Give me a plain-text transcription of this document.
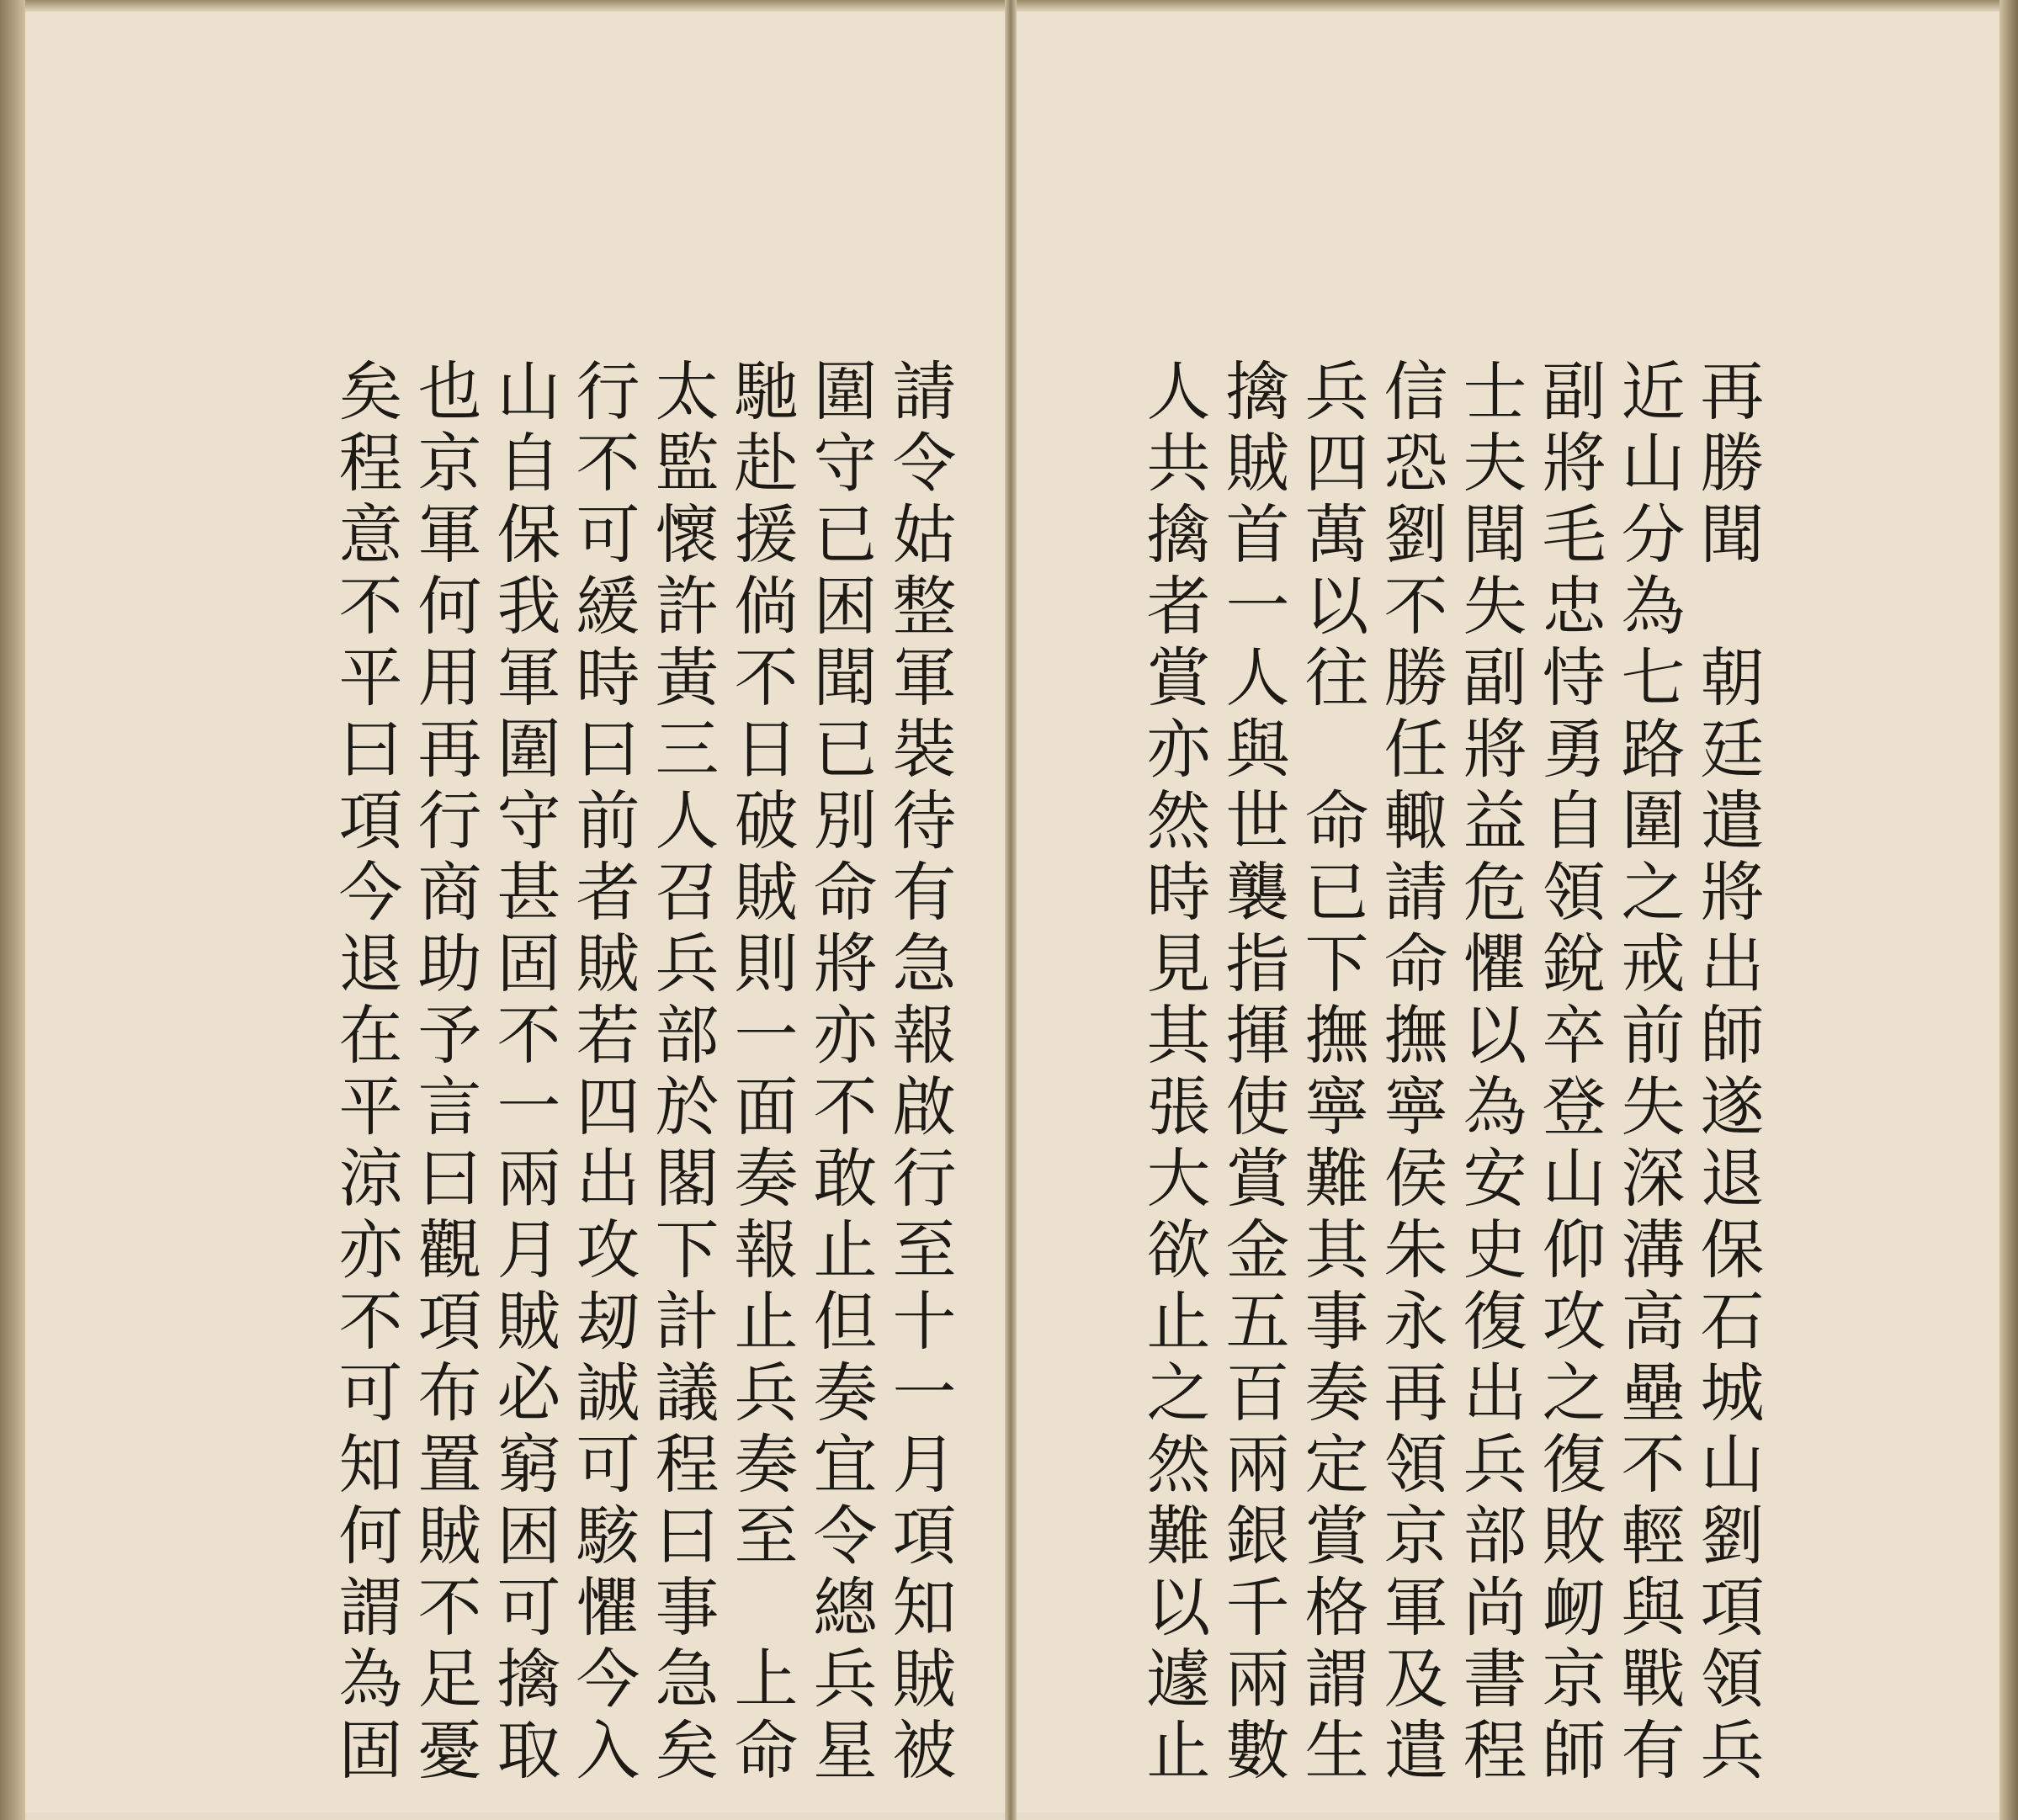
再勝聞　朝廷遣將出師遂退保石城山劉項領兵
近山分為七路圍之戒前失深溝高壘不輕與戰有
副將毛忠恃勇自領銳卒登山仰攻之復敗衂京師
士夫聞失副將益危懼以為安史復出兵部尚書程
信恐劉不勝任輙請命撫寧侯朱永再領京軍及遣
兵四萬以往　命已下撫寧難其事奏定賞格謂生
擒賊首一人與世襲指揮使賞金五百兩銀千兩數
人共擒者賞亦然時見其張大欲止之然難以遽止
請令姑整軍裝待有急報啟行至十一月項知賊被
圍守已困聞已別命將亦不敢止但奏宜令總兵星
馳赴援倘不日破賊則一面奏報止兵奏至　上命
太監懷許黃三人召兵部於閣下計議程曰事急矣
行不可緩時曰前者賊若四出攻刼誠可駭懼今入
山自保我軍圍守甚固不一兩月賊必窮困可擒取
也京軍何用再行商助予言曰觀項布置賊不足憂
矣程意不平曰項今退在平涼亦不可知何謂為固
